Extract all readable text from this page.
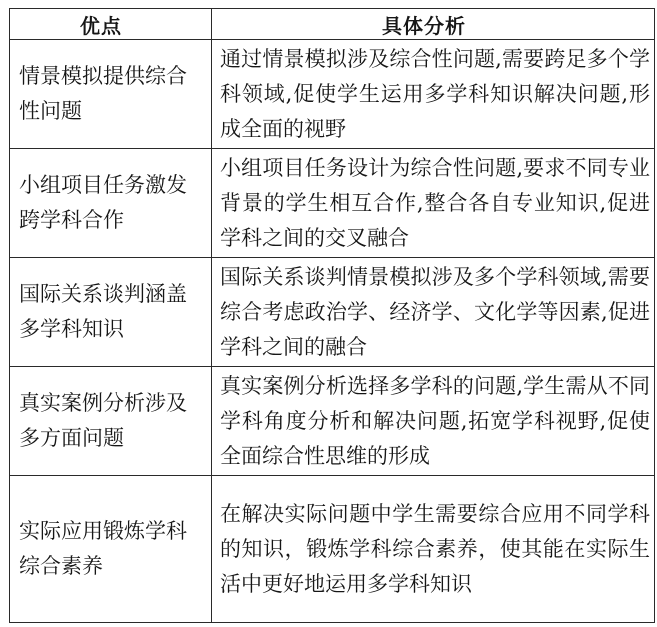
优点	具体分析
情景模拟提供综合性问题	通过情景模拟涉及综合性问题,需要跨足多个学科领域,促使学生运用多学科知识解决问题,形成全面的视野
小组项目任务激发跨学科合作	小组项目任务设计为综合性问题,要求不同专业背景的学生相互合作,整合各自专业知识,促进学科之间的交叉融合
国际关系谈判涵盖多学科知识	国际关系谈判情景模拟涉及多个学科领域,需要综合考虑政治学、经济学、文化学等因素,促进学科之间的融合
真实案例分析涉及多方面问题	真实案例分析选择多学科的问题,学生需从不同学科角度分析和解决问题,拓宽学科视野,促使全面综合性思维的形成
实际应用锻炼学科综合素养	在解决实际问题中学生需要综合应用不同学科的知识，锻炼学科综合素养，使其能在实际生活中更好地运用多学科知识
